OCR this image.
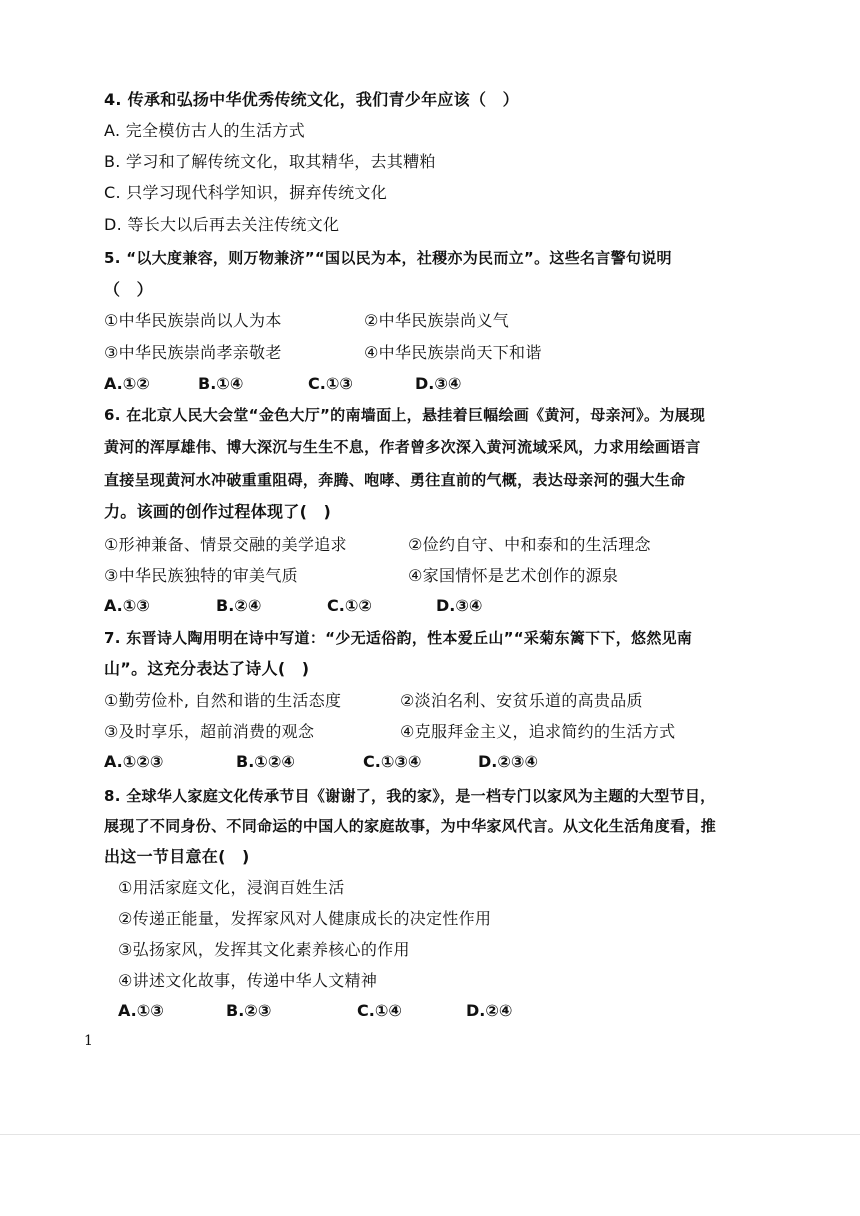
4. 传承和弘扬中华优秀传统文化，我们青少年应该（　）
A. 完全模仿古人的生活方式
B. 学习和了解传统文化，取其精华，去其糟粕
C. 只学习现代科学知识，摒弃传统文化
D. 等长大以后再去关注传统文化
5. “以大度兼容，则万物兼济”“国以民为本，社稷亦为民而立”。这些名言警句说明
（　）
①中华民族崇尚以人为本	②中华民族崇尚义气
③中华民族崇尚孝亲敬老	④中华民族崇尚天下和谐
A.①②	B.①④	C.①③	D.③④
6. 在北京人民大会堂“金色大厅”的南墙面上，悬挂着巨幅绘画《黄河，母亲河》。为展现
黄河的浑厚雄伟、博大深沉与生生不息，作者曾多次深入黄河流域采风，力求用绘画语言
直接呈现黄河水冲破重重阻碍，奔腾、咆哮、勇往直前的气概，表达母亲河的强大生命
力。该画的创作过程体现了(　)
①形神兼备、情景交融的美学追求	②俭约自守、中和泰和的生活理念
③中华民族独特的审美气质	④家国情怀是艺术创作的源泉
A.①③	B.②④	C.①②	D.③④
7. 东晋诗人陶用明在诗中写道：“少无适俗韵，性本爱丘山”“采菊东篱下下，悠然见南
山”。这充分表达了诗人(　)
①勤劳俭朴, 自然和谐的生活态度	②淡泊名利、安贫乐道的高贵品质
③及时享乐，超前消费的观念	④克服拜金主义，追求简约的生活方式
A.①②③	B.①②④	C.①③④	D.②③④
8. 全球华人家庭文化传承节目《谢谢了，我的家》，是一档专门以家风为主题的大型节目，
展现了不同身份、不同命运的中国人的家庭故事，为中华家风代言。从文化生活角度看，推
出这一节目意在(　)
①用活家庭文化，浸润百姓生活
②传递正能量，发挥家风对人健康成长的决定性作用
③弘扬家风，发挥其文化素养核心的作用
④讲述文化故事，传递中华人文精神
A.①③	B.②③	C.①④	D.②④
1
